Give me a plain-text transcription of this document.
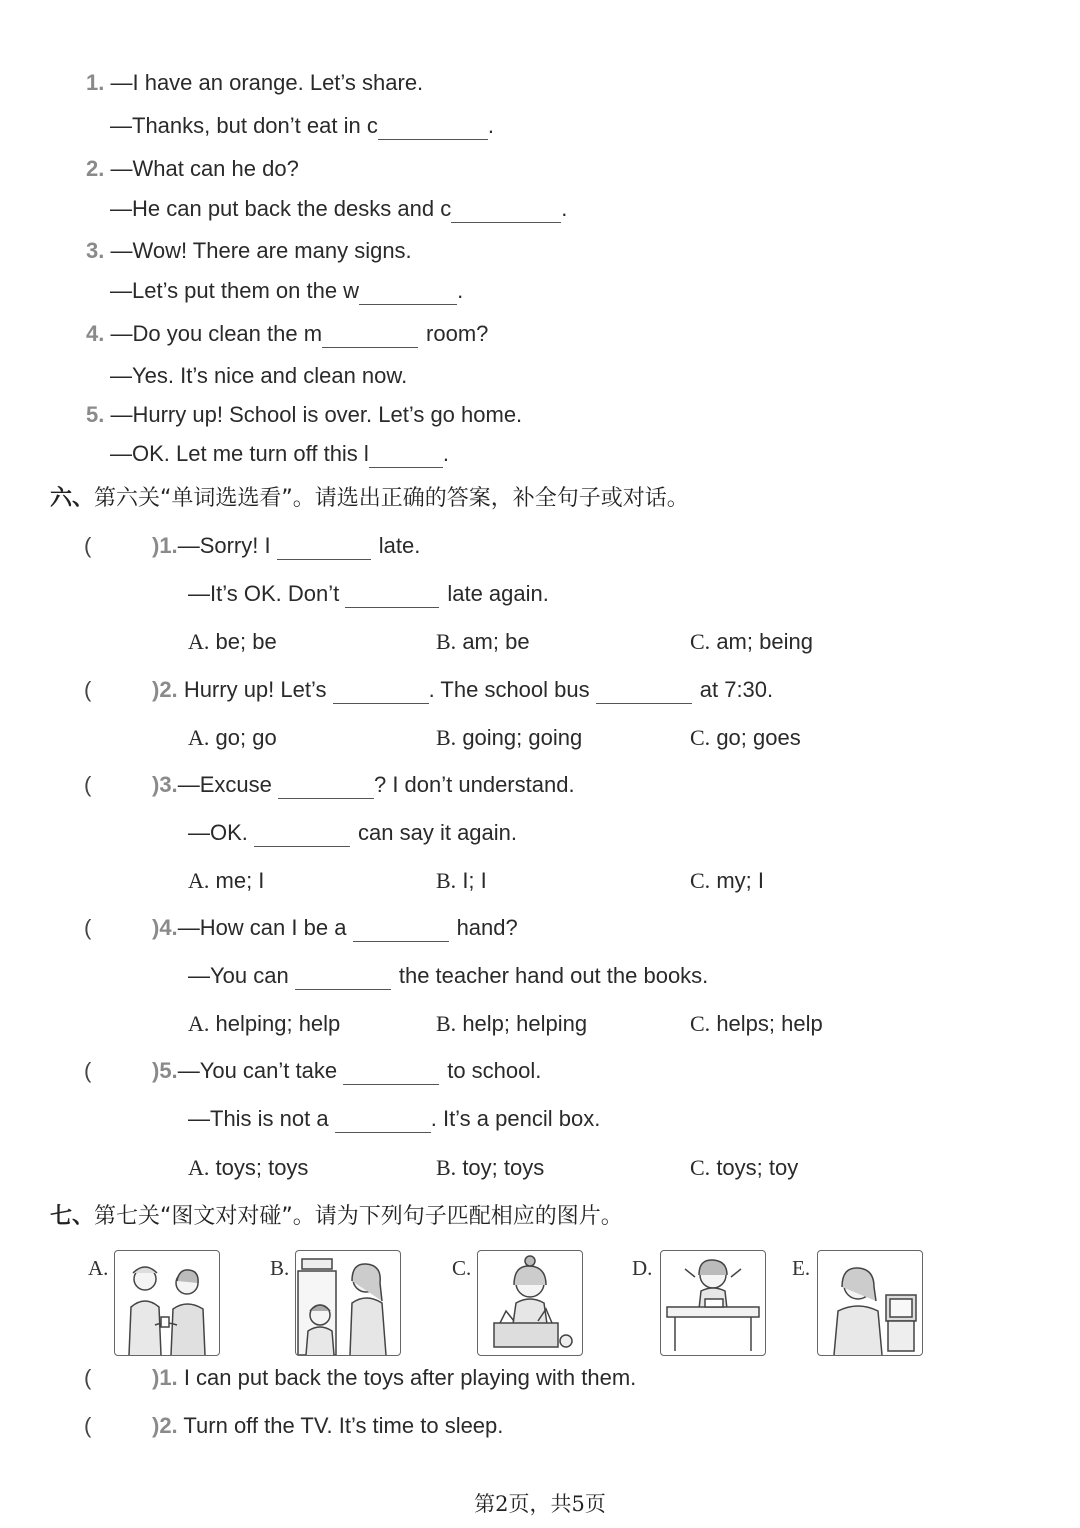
1. —I have an orange. Let’s share.
—Thanks, but don’t eat in c	.
2. —What can he do?
—He can put back the desks and c	.
3. —Wow! There are many signs.
—Let’s put them on the w	.
4. —Do you clean the m	room?
—Yes. It’s nice and clean now.
5. —Hurry up! School is over. Let’s go home.
—OK. Let me turn off this l	.
六、第六关“单词选选看”。请选出正确的答案，补全句子或对话。
(	)1.—Sorry! I	late.
—It’s OK. Don’t	late again.
A. be; be	B. am; be	C. am; being
(	)2. Hurry up! Let’s	. The school bus	at 7:30.
A. go; go	B. going; going	C. go; goes
(	)3.—Excuse	? I don’t understand.
—OK.	can say it again.
A. me; I	B. I; I	C. my; I
(	)4.—How can I be a	hand?
—You can	the teacher hand out the books.
A. helping; help	B. help; helping	C. helps; help
(	)5.—You can’t take	to school.
—This is not a	. It’s a pencil box.
A. toys; toys	B. toy; toys	C. toys; toy
七、第七关“图文对对碰”。请为下列句子匹配相应的图片。
A.	B.	C.	D.	E.
(	)1. I can put back the toys after playing with them.
(	)2. Turn off the TV. It’s time to sleep.
第2页，共5页
